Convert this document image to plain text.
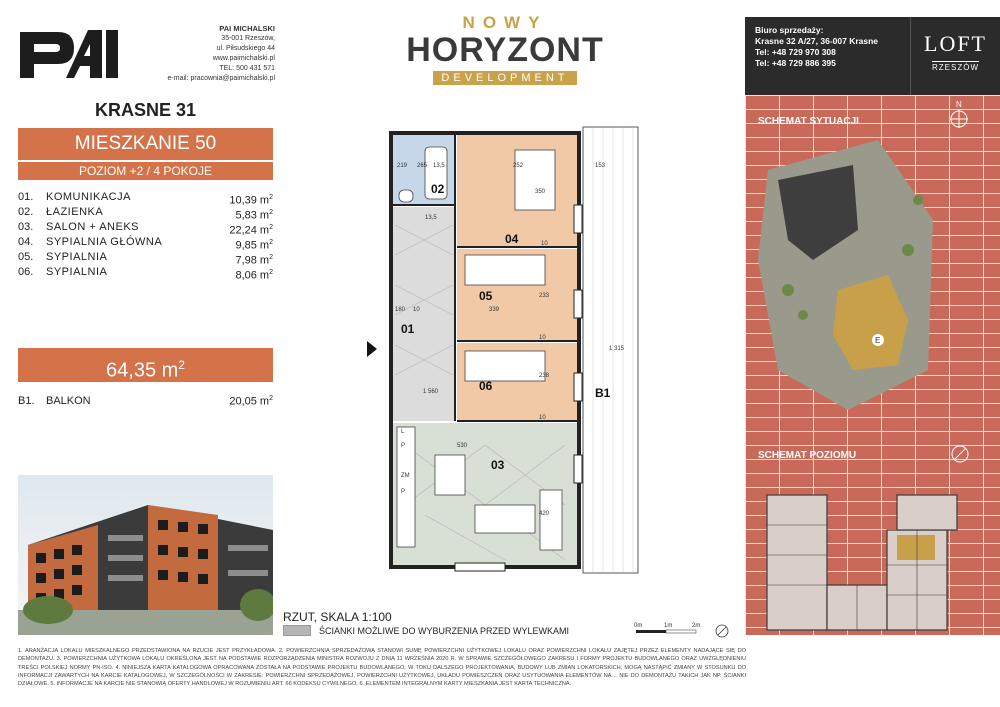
PAI MICHALSKI
35-001 Rzeszów,
ul. Piłsudskiego 44
www.paimichalski.pl
TEL: 500 431 571
e-mail: pracownia@paimichalski.pl
NOWY
HORYZONT
DEVELOPMENT
Biuro sprzedaży:
Krasne 32 A/27, 36-007 Krasne
Tel: +48 729 970 308
Tel: +48 729 886 395
LOFT
RZESZÓW
KRASNE 31
MIESZKANIE 50
POZIOM +2 / 4 POKOJE
01.	KOMUNIKACJA	10,39 $m^2$
02.	ŁAZIENKA	5,83 $m^2$
03.	SALON + ANEKS	22,24 $m^2$
04.	SYPIALNIA GŁÓWNA	9,85 $m^2$
05.	SYPIALNIA	7,98 $m^2$
06.	SYPIALNIA	8,06 $m^2$
64,35 $m^2$
B1.	BALKON	20,05 $m^2$
02
04
05
01
06
03
B1
219 265 13,5	252
350
153
13,5
10
180 10	339
233
10
1 315
1 560
238
10
530
420
L
P
ZM
P
RZUT, SKALA 1:100
ŚCIANKI MOŻLIWE DO WYBURZENIA PRZED WYLEWKAMI	0m	1m	2m
SCHEMAT SYTUACJI
N
E
SCHEMAT POZIOMU
1. ARANŻACJA LOKALU MIESZKALNEGO PRZEDSTAWIONA NA RZUCIE JEST PRZYKŁADOWA. 2. POWIERZCHNIA SPRZEDAŻOWA STANOWI SUMĘ POWIERZCHNI UŻYTKOWEJ LOKALU ORAZ POWIERZCHNI LOKALU ZAJĘTEJ PRZEZ ELEMENTY NADAJĄCE SIĘ DO DEMONTAŻU. 3. POWIERZCHNIA UŻYTKOWA LOKALU OKREŚLONA JEST NA PODSTAWIE ROZPORZĄDZENIA MINISTRA ROZWOJU Z DNIA 11 WRZEŚNIA 2020 R. W SPRAWIE SZCZEGÓŁOWEGO ZAKRESU I FORMY PROJEKTU BUDOWLANEGO ORAZ UWZGLĘDNIENIU TREŚCI POLSKIEJ NORMY PN-ISO. 4. NINIEJSZA KARTA KATALOGOWA OPRACOWANA ZOSTAŁA NA PODSTAWIE PROJEKTU BUDOWLANEGO. W TOKU DALSZEGO PROJEKTOWANIA, BUDOWY LUB ZMIAN LOKATORSKICH, MOGĄ NASTĄPIĆ ZMIANY W STOSUNKU DO INFORMACJI ZAWARTYCH NA KARCIE KATALOGOWEJ, W SZCZEGÓLNOŚCI W ZAKRESIE: POWIERZCHNI SPRZEDAŻOWEJ, POWIERZCHNI UŻYTKOWEJ, UKŁADU POMIESZCZEŃ ORAZ USYTUOWANIA ELEMENTÓW NA… NIE DO DEMONTAŻU TAKICH JAK NP. ŚCIANKI DZIAŁOWE. 5. INFORMACJE NA KARCIE NIE STANOWIĄ OFERTY HANDLOWEJ W ROZUMIENIU ART. 66 KODEKSU CYWILNEGO. 6. ELEMENTEM INTEGRALNYM KARTY MIESZKANIA JEST KARTA TECHNICZNA.
